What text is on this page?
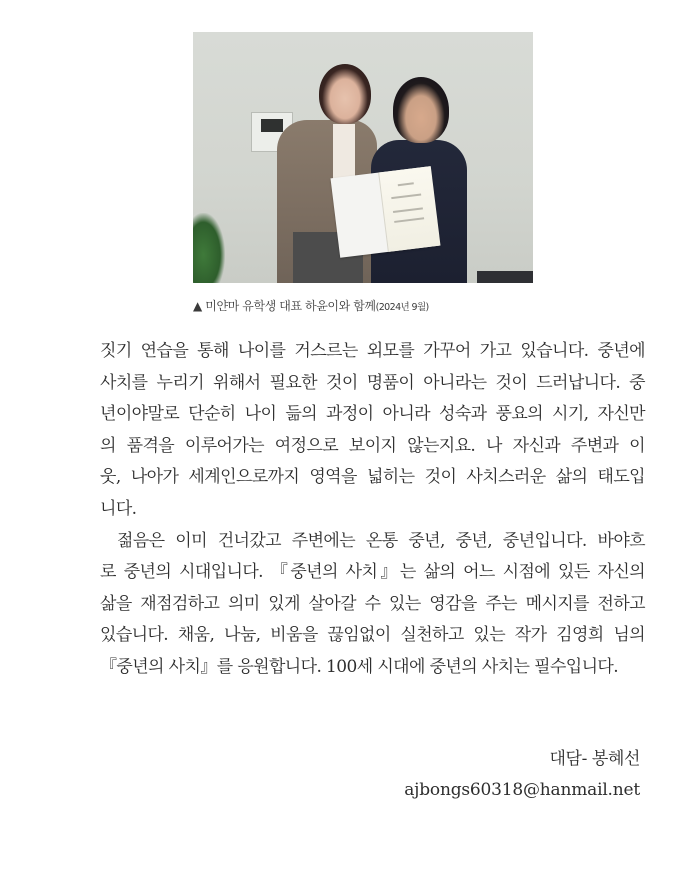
▲ 미얀마 유학생 대표 하윤이와 함께(2024년 9월)
짓기 연습을 통해 나이를 거스르는 외모를 가꾸어 가고 있습니다. 중년에
사치를 누리기 위해서 필요한 것이 명품이 아니라는 것이 드러납니다. 중
년이야말로 단순히 나이 듦의 과정이 아니라 성숙과 풍요의 시기, 자신만
의 품격을 이루어가는 여정으로 보이지 않는지요. 나 자신과 주변과 이
웃, 나아가 세계인으로까지 영역을 넓히는 것이 사치스러운 삶의 태도입
니다.
젊음은 이미 건너갔고 주변에는 온통 중년, 중년, 중년입니다. 바야흐
로 중년의 시대입니다. 『중년의 사치』는 삶의 어느 시점에 있든 자신의
삶을 재점검하고 의미 있게 살아갈 수 있는 영감을 주는 메시지를 전하고
있습니다. 채움, 나눔, 비움을 끊임없이 실천하고 있는 작가 김영희 님의
『중년의 사치』를 응원합니다. 100세 시대에 중년의 사치는 필수입니다.
대담- 봉혜선
ajbongs60318@hanmail.net
